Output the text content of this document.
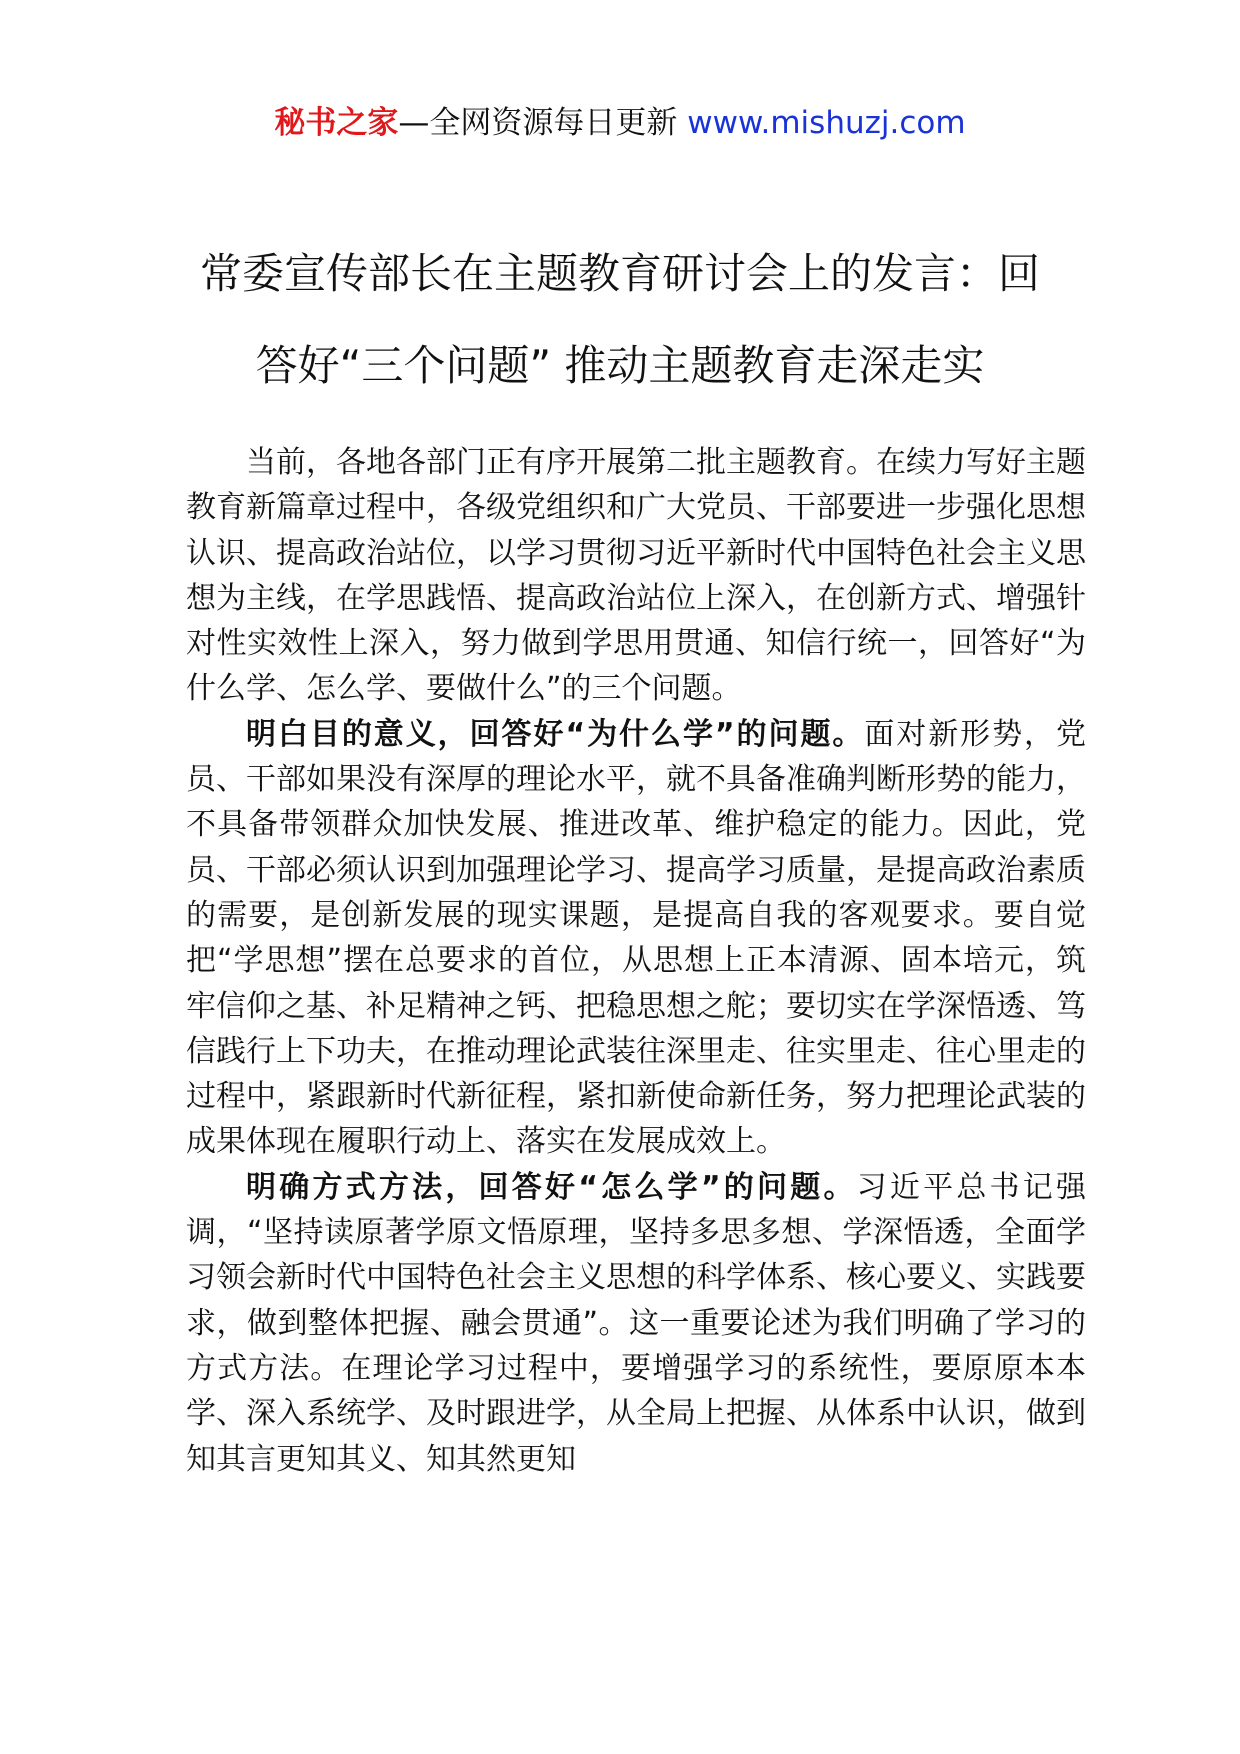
秘书之家—全网资源每日更新 www.mishuzj.com
常委宣传部长在主题教育研讨会上的发言：回
答好“三个问题” 推动主题教育走深走实

当前，各地各部门正有序开展第二批主题教育。在续力写好主题教育新篇章过程中，各级党组织和广大党员、干部要进一步强化思想认识、提高政治站位，以学习贯彻习近平新时代中国特色社会主义思想为主线，在学思践悟、提高政治站位上深入，在创新方式、增强针对性实效性上深入，努力做到学思用贯通、知信行统一，回答好“为什么学、怎么学、要做什么”的三个问题。

明白目的意义，回答好“为什么学”的问题。面对新形势，党员、干部如果没有深厚的理论水平，就不具备准确判断形势的能力，不具备带领群众加快发展、推进改革、维护稳定的能力。因此，党员、干部必须认识到加强理论学习、提高学习质量，是提高政治素质的需要，是创新发展的现实课题，是提高自我的客观要求。要自觉把“学思想”摆在总要求的首位，从思想上正本清源、固本培元，筑牢信仰之基、补足精神之钙、把稳思想之舵；要切实在学深悟透、笃信践行上下功夫，在推动理论武装往深里走、往实里走、往心里走的过程中，紧跟新时代新征程，紧扣新使命新任务，努力把理论武装的成果体现在履职行动上、落实在发展成效上。

明确方式方法，回答好“怎么学”的问题。习近平总书记强调，“坚持读原著学原文悟原理，坚持多思多想、学深悟透，全面学习领会新时代中国特色社会主义思想的科学体系、核心要义、实践要求，做到整体把握、融会贯通”。这一重要论述为我们明确了学习的方式方法。在理论学习过程中，要增强学习的系统性，要原原本本学、深入系统学、及时跟进学，从全局上把握、从体系中认识，做到知其言更知其义、知其然更知
